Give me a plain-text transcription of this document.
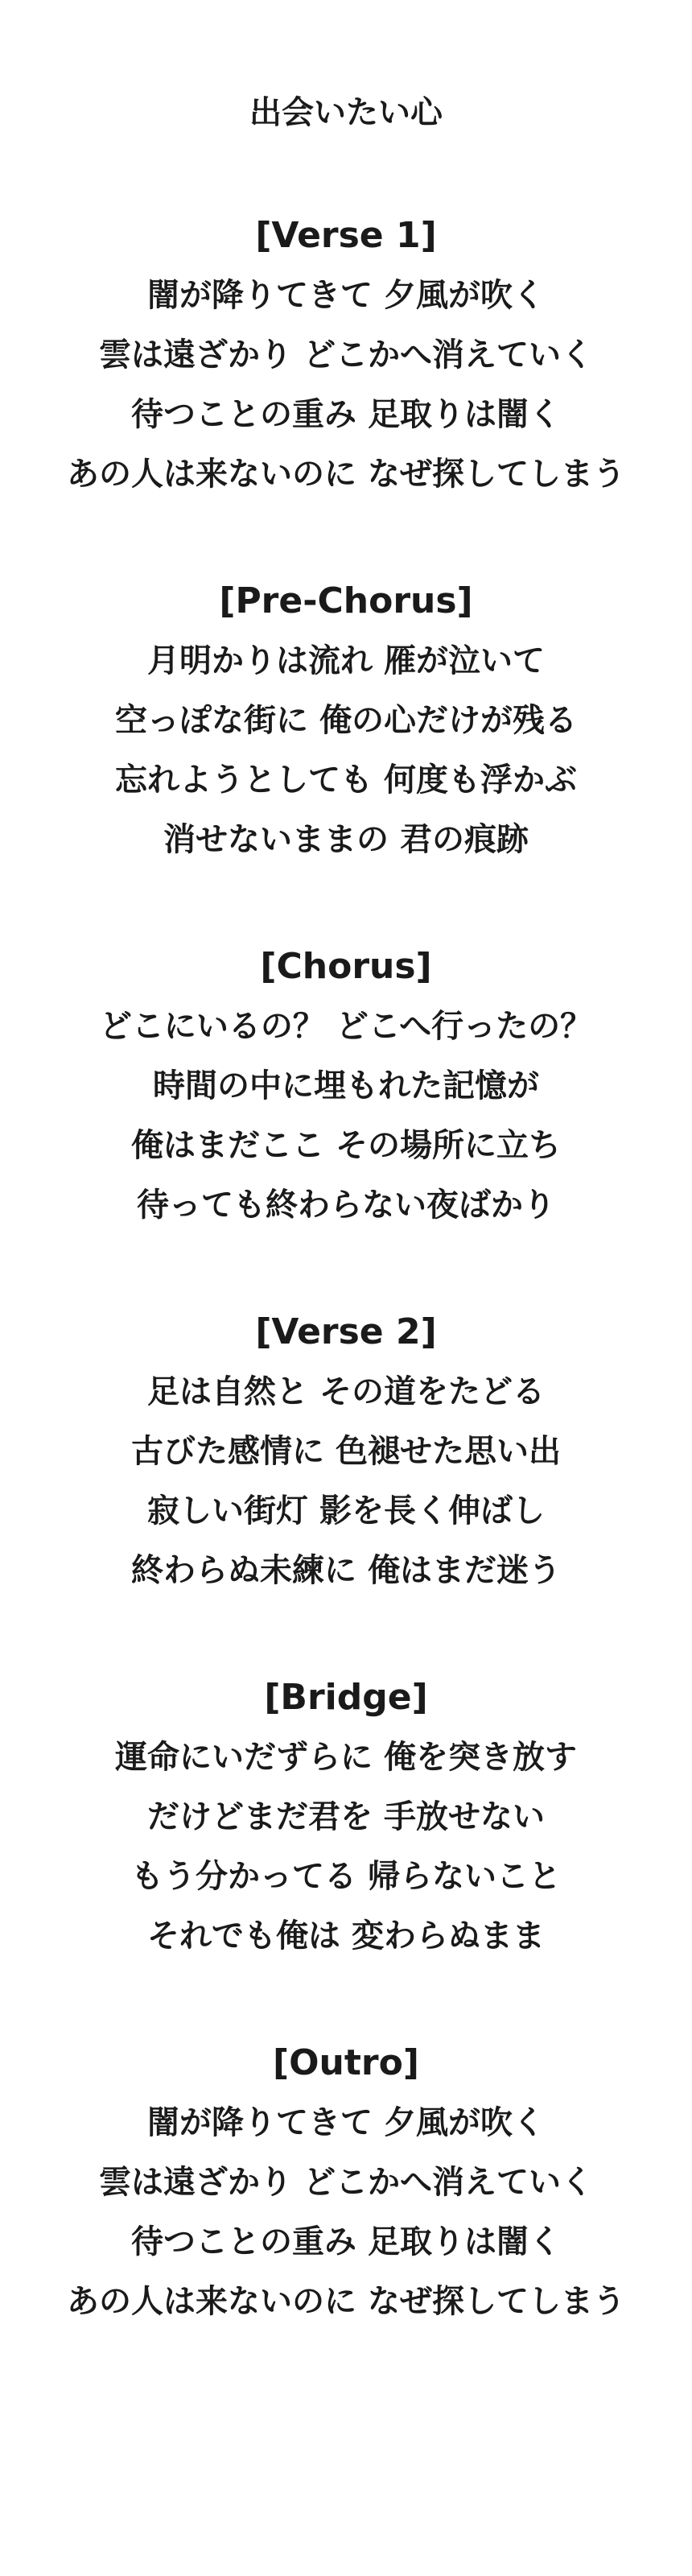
出会いたい心
[Verse 1]
闇が降りてきて 夕風が吹く
雲は遠ざかり どこかへ消えていく
待つことの重み 足取りは闇く
あの人は来ないのに なぜ探してしまう
[Pre-Chorus]
月明かりは流れ 雁が泣いて
空っぽな街に 俺の心だけが残る
忘れようとしても 何度も浮かぶ
消せないままの 君の痕跡
[Chorus]
どこにいるの？ どこへ行ったの？
時間の中に埋もれた記憶が
俺はまだここ その場所に立ち
待っても終わらない夜ばかり
[Verse 2]
足は自然と その道をたどる
古びた感情に 色褪せた思い出
寂しい街灯 影を長く伸ばし
終わらぬ未練に 俺はまだ迷う
[Bridge]
運命にいだずらに 俺を突き放す
だけどまだ君を 手放せない
もう分かってる 帰らないこと
それでも俺は 変わらぬまま
[Outro]
闇が降りてきて 夕風が吹く
雲は遠ざかり どこかへ消えていく
待つことの重み 足取りは闇く
あの人は来ないのに なぜ探してしまう
